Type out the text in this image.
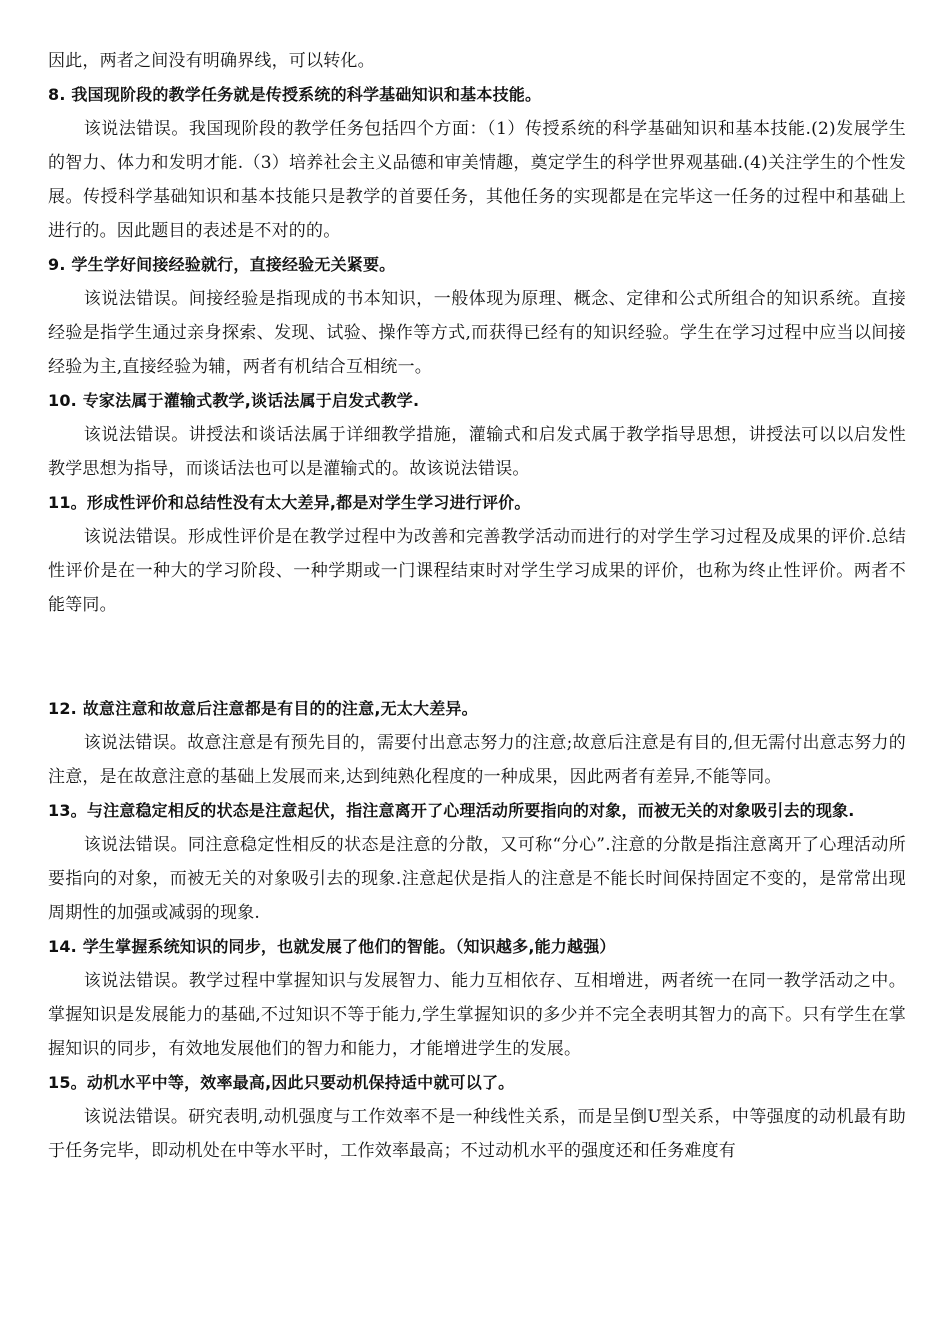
因此，两者之间没有明确界线，可以转化。

8. 我国现阶段的教学任务就是传授系统的科学基础知识和基本技能。

该说法错误。我国现阶段的教学任务包括四个方面：（1）传授系统的科学基础知识和基本技能.(2)发展学生的智力、体力和发明才能.（3）培养社会主义品德和审美情趣，奠定学生的科学世界观基础.(4)关注学生的个性发展。传授科学基础知识和基本技能只是教学的首要任务，其他任务的实现都是在完毕这一任务的过程中和基础上进行的。因此题目的表述是不对的的。

9. 学生学好间接经验就行，直接经验无关紧要。

该说法错误。间接经验是指现成的书本知识，一般体现为原理、概念、定律和公式所组合的知识系统。直接经验是指学生通过亲身探索、发现、试验、操作等方式,而获得已经有的知识经验。学生在学习过程中应当以间接经验为主,直接经验为辅，两者有机结合互相统一。

10. 专家法属于灌输式教学,谈话法属于启发式教学.

该说法错误。讲授法和谈话法属于详细教学措施，灌输式和启发式属于教学指导思想，讲授法可以以启发性教学思想为指导，而谈话法也可以是灌输式的。故该说法错误。

11。形成性评价和总结性没有太大差异,都是对学生学习进行评价。

该说法错误。形成性评价是在教学过程中为改善和完善教学活动而进行的对学生学习过程及成果的评价.总结性评价是在一种大的学习阶段、一种学期或一门课程结束时对学生学习成果的评价，也称为终止性评价。两者不能等同。

12. 故意注意和故意后注意都是有目的的注意,无太大差异。

该说法错误。故意注意是有预先目的，需要付出意志努力的注意;故意后注意是有目的,但无需付出意志努力的注意，是在故意注意的基础上发展而来,达到纯熟化程度的一种成果，因此两者有差异,不能等同。

13。与注意稳定相反的状态是注意起伏，指注意离开了心理活动所要指向的对象，而被无关的对象吸引去的现象.

该说法错误。同注意稳定性相反的状态是注意的分散，又可称“分心”.注意的分散是指注意离开了心理活动所要指向的对象，而被无关的对象吸引去的现象.注意起伏是指人的注意是不能长时间保持固定不变的，是常常出现周期性的加强或减弱的现象.

14. 学生掌握系统知识的同步，也就发展了他们的智能。（知识越多,能力越强）

该说法错误。教学过程中掌握知识与发展智力、能力互相依存、互相增进，两者统一在同一教学活动之中。掌握知识是发展能力的基础,不过知识不等于能力,学生掌握知识的多少并不完全表明其智力的高下。只有学生在掌握知识的同步，有效地发展他们的智力和能力，才能增进学生的发展。

15。动机水平中等，效率最高,因此只要动机保持适中就可以了。

该说法错误。研究表明,动机强度与工作效率不是一种线性关系，而是呈倒U型关系，中等强度的动机最有助于任务完毕，即动机处在中等水平时，工作效率最高；不过动机水平的强度还和任务难度有
